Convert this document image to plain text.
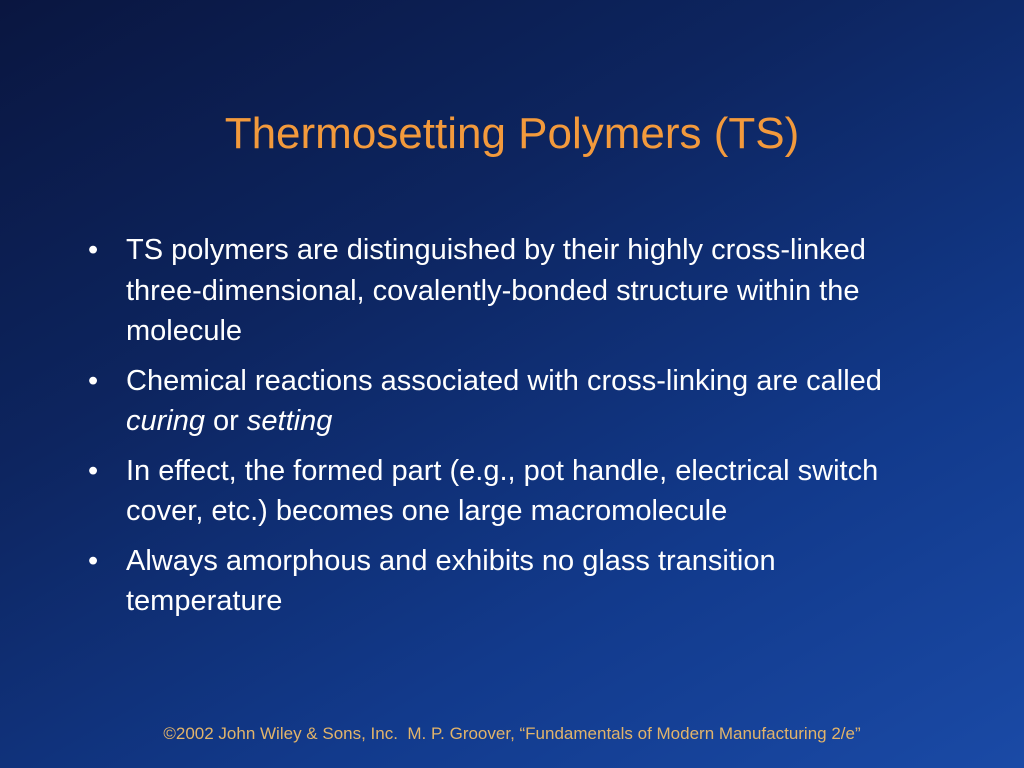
Thermosetting Polymers (TS)
• TS polymers are distinguished by their highly cross-linked three-dimensional, covalently-bonded structure within the molecule
• Chemical reactions associated with cross-linking are called curing or setting
• In effect, the formed part (e.g., pot handle, electrical switch cover, etc.) becomes one large macromolecule
• Always amorphous and exhibits no glass transition temperature
©2002 John Wiley & Sons, Inc.  M. P. Groover, “Fundamentals of Modern Manufacturing 2/e”
